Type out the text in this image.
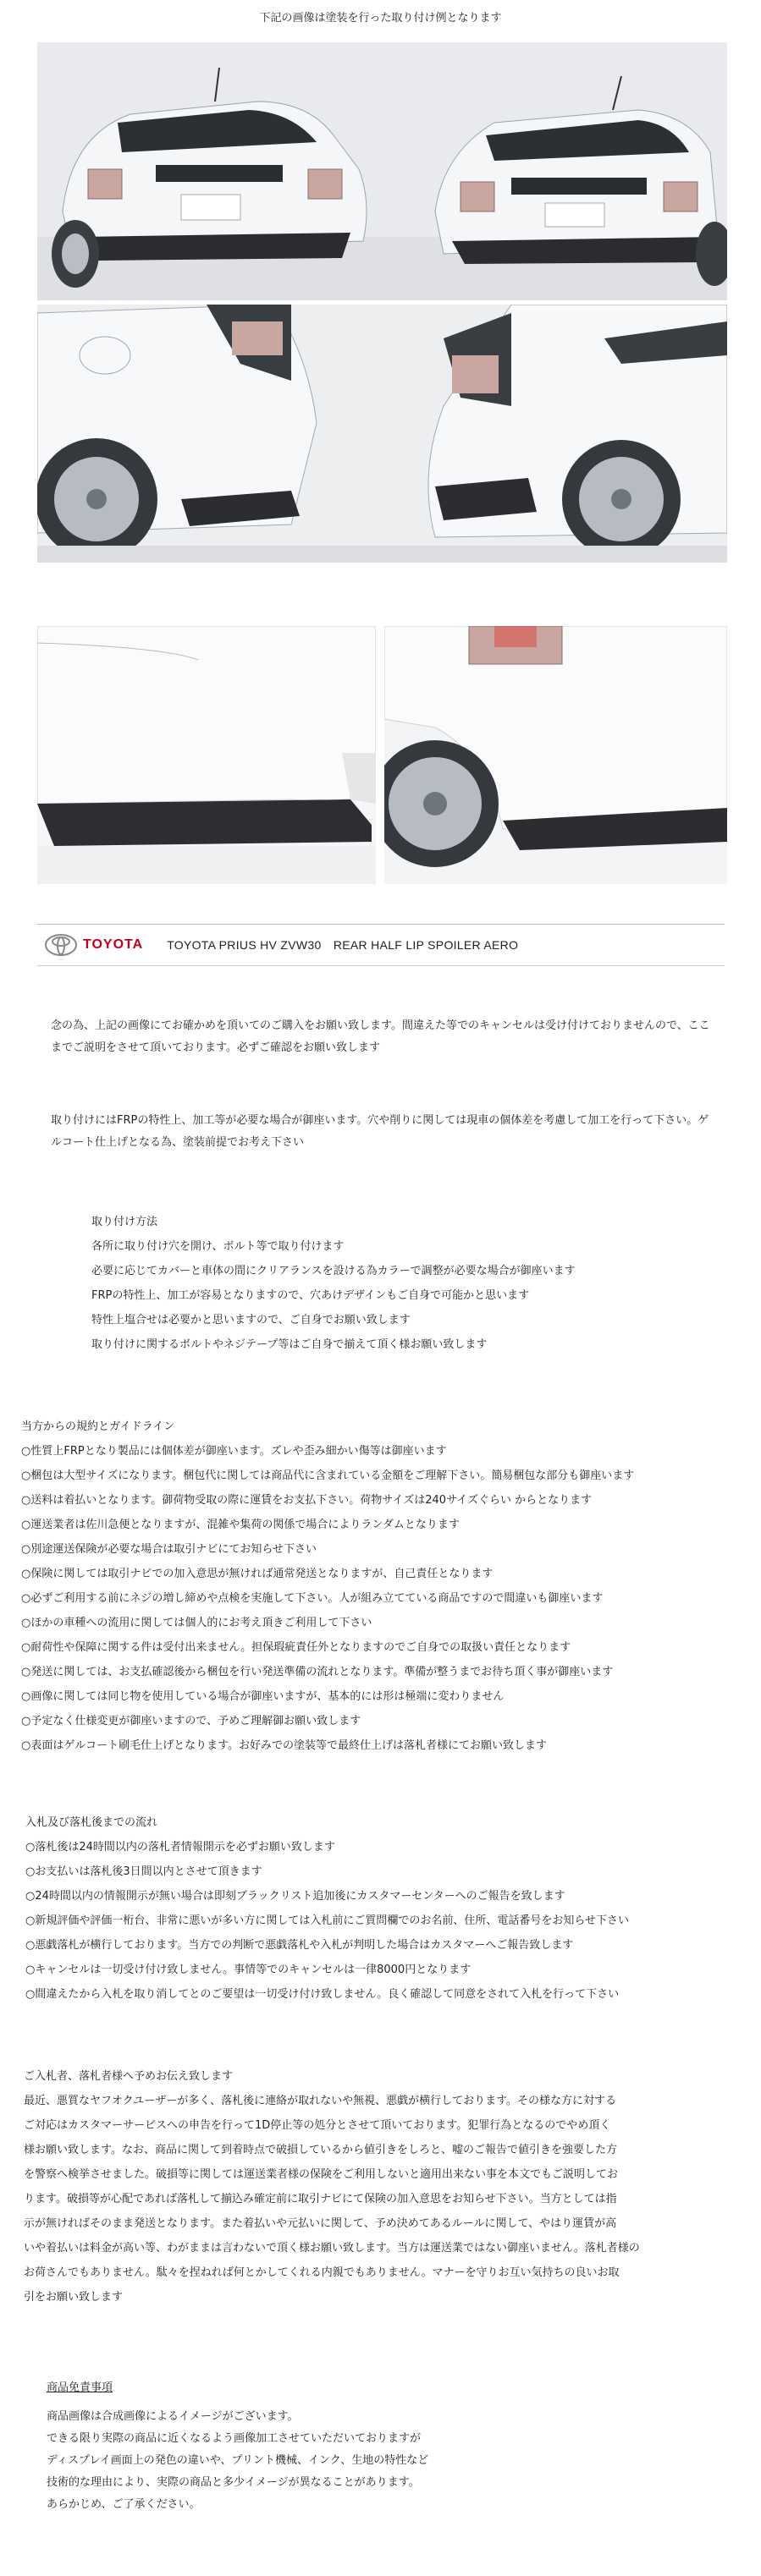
下記の画像は塗装を行った取り付け例となります
TOYOTA TOYOTA PRIUS HV ZVW30　REAR HALF LIP SPOILER AERO

念の為、上記の画像にてお確かめを頂いてのご購入をお願い致します。間違えた等でのキャンセルは受け付けておりませんので、ここまでご説明をさせて頂いております。必ずご確認をお願い致します

取り付けにはFRPの特性上、加工等が必要な場合が御座います。穴や削りに関しては現車の個体差を考慮して加工を行って下さい。ゲルコート仕上げとなる為、塗装前提でお考え下さい

取り付け方法

各所に取り付け穴を開け、ボルト等で取り付けます

必要に応じてカバーと車体の間にクリアランスを設ける為カラーで調整が必要な場合が御座います

FRPの特性上、加工が容易となりますので、穴あけデザインもご自身で可能かと思います

特性上塩合せは必要かと思いますので、ご自身でお願い致します

取り付けに関するボルトやネジテープ等はご自身で揃えて頂く様お願い致します

当方からの規約とガイドライン

○性質上FRPとなり製品には個体差が御座います。ズレや歪み細かい傷等は御座います

○梱包は大型サイズになります。梱包代に関しては商品代に含まれている金額をご理解下さい。簡易梱包な部分も御座います

○送料は着払いとなります。御荷物受取の際に運賃をお支払下さい。荷物サイズは240サイズぐらい からとなります

○運送業者は佐川急便となりますが、混雑や集荷の関係で場合によりランダムとなります

○別途運送保険が必要な場合は取引ナビにてお知らせ下さい

○保険に関しては取引ナビでの加入意思が無ければ通常発送となりますが、自己責任となります

○必ずご利用する前にネジの増し締めや点検を実施して下さい。人が組み立てている商品ですので間違いも御座います

○ほかの車種への流用に関しては個人的にお考え頂きご利用して下さい

○耐荷性や保障に関する件は受付出来ません。担保瑕疵責任外となりますのでご自身での取扱い責任となります

○発送に関しては、お支払確認後から梱包を行い発送準備の流れとなります。準備が整うまでお待ち頂く事が御座います

○画像に関しては同じ物を使用している場合が御座いますが、基本的には形は極端に変わりません

○予定なく仕様変更が御座いますので、予めご理解御お願い致します

○表面はゲルコート刷毛仕上げとなります。お好みでの塗装等で最終仕上げは落札者様にてお願い致します

入札及び落札後までの流れ

○落札後は24時間以内の落札者情報開示を必ずお願い致します

○お支払いは落札後3日間以内とさせて頂きます

○24時間以内の情報開示が無い場合は即刻ブラックリスト追加後にカスタマーセンターへのご報告を致します

○新規評価や評価一桁台、非常に悪いが多い方に関しては入札前にご質問欄でのお名前、住所、電話番号をお知らせ下さい

○悪戯落札が横行しております。当方での判断で悪戯落札や入札が判明した場合はカスタマーへご報告致します

○キャンセルは一切受け付け致しません。事情等でのキャンセルは一律8000円となります

○間違えたから入札を取り消してとのご要望は一切受け付け致しません。良く確認して同意をされて入札を行って下さい

ご入札者、落札者様へ予めお伝え致します

最近、悪質なヤフオクユーザーが多く、落札後に連絡が取れないや無視、悪戯が横行しております。その様な方に対する

ご対応はカスタマーサービスへの申告を行って1D停止等の処分とさせて頂いております。犯罪行為となるのでやめ頂く

様お願い致します。なお、商品に関して到着時点で破損しているから値引きをしろと、嘘のご報告で値引きを強要した方

を警察へ検挙させました。破損等に関しては運送業者様の保険をご利用しないと適用出来ない事を本文でもご説明してお

ります。破損等が心配であれば落札して揃込み確定前に取引ナビにて保険の加入意思をお知らせ下さい。当方としては指

示が無ければそのまま発送となります。また着払いや元払いに関して、予め決めてあるルールに関して、やはり運賃が高

いや着払いは料金が高い等、わがままは言わないで頂く様お願い致します。当方は運送業ではない御座いません。落札者様の

お荷さんでもありません。駄々を捏ねれば何とかしてくれる内親でもありません。マナーを守りお互い気持ちの良いお取

引をお願い致します

商品免責事項

商品画像は合成画像によるイメージがございます。

できる限り実際の商品に近くなるよう画像加工させていただいておりますが

ディスプレイ画面上の発色の違いや、プリント機械、インク、生地の特性など

技術的な理由により、実際の商品と多少イメージが異なることがあります。

あらかじめ、ご了承ください。
